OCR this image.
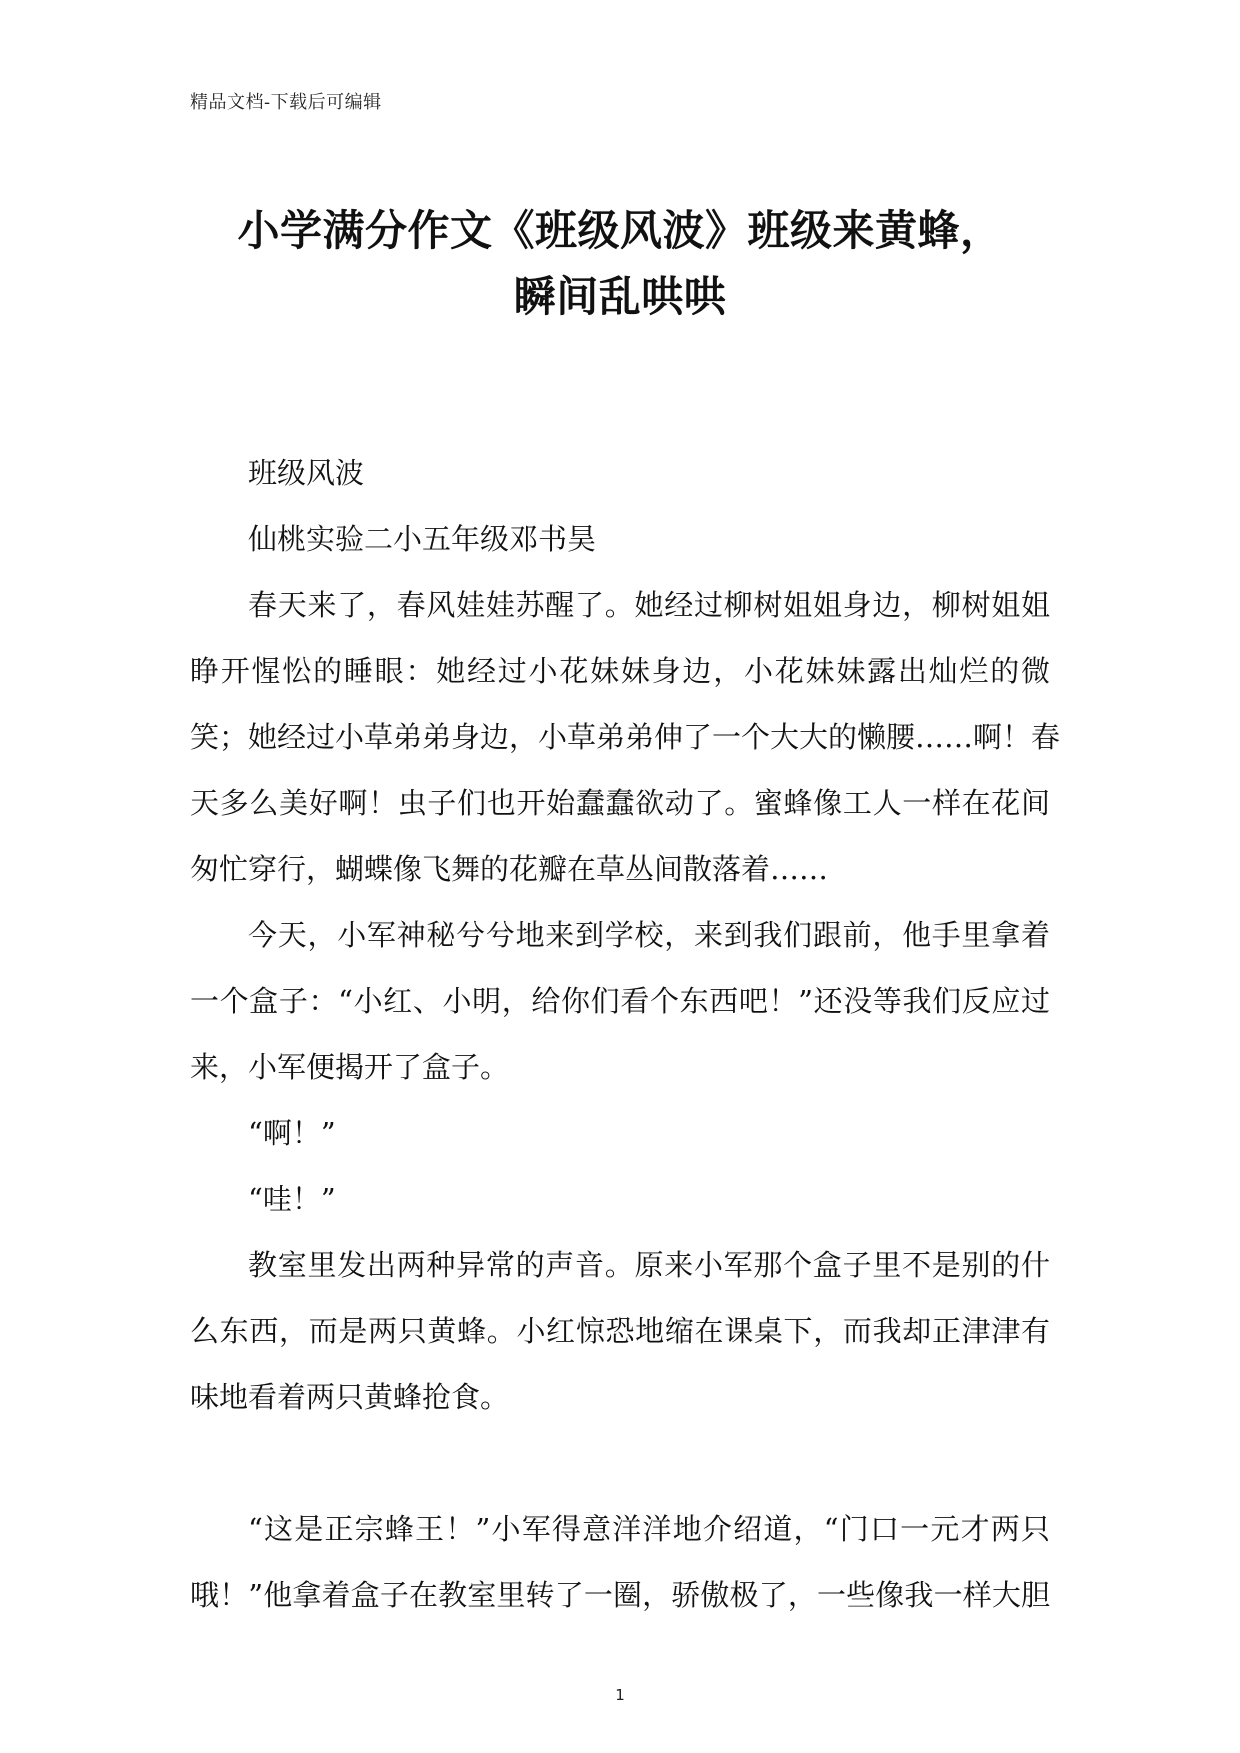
精品文档-下载后可编辑
小学满分作文《班级风波》班级来黄蜂，
瞬间乱哄哄
班级风波
仙桃实验二小五年级邓书昊
春天来了，春风娃娃苏醒了。她经过柳树姐姐身边，柳树姐姐
睁开惺忪的睡眼：她经过小花妹妹身边，小花妹妹露出灿烂的微
笑；她经过小草弟弟身边，小草弟弟伸了一个大大的懒腰……啊！春
天多么美好啊！虫子们也开始蠢蠢欲动了。蜜蜂像工人一样在花间
匆忙穿行，蝴蝶像飞舞的花瓣在草丛间散落着……
今天，小军神秘兮兮地来到学校，来到我们跟前，他手里拿着
一个盒子：“小红、小明，给你们看个东西吧！”还没等我们反应过
来，小军便揭开了盒子。
“啊！”
“哇！”
教室里发出两种异常的声音。原来小军那个盒子里不是别的什
么东西，而是两只黄蜂。小红惊恐地缩在课桌下，而我却正津津有
味地看着两只黄蜂抢食。
“这是正宗蜂王！”小军得意洋洋地介绍道，“门口一元才两只
哦！”他拿着盒子在教室里转了一圈，骄傲极了，一些像我一样大胆
1
